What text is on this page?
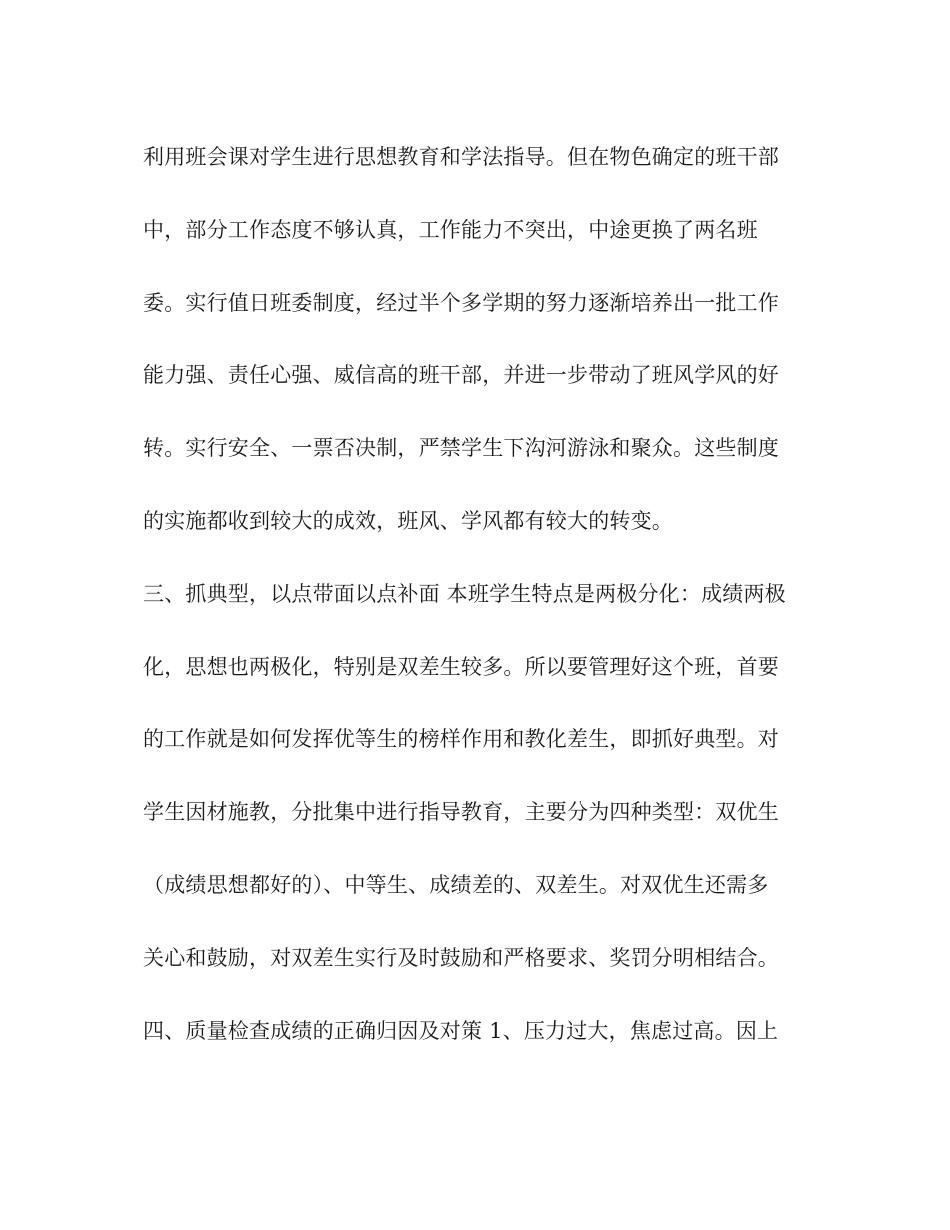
利用班会课对学生进行思想教育和学法指导。但在物色确定的班干部
中，部分工作态度不够认真，工作能力不突出，中途更换了两名班
委。实行值日班委制度，经过半个多学期的努力逐渐培养出一批工作
能力强、责任心强、威信高的班干部，并进一步带动了班风学风的好
转。实行安全、一票否决制，严禁学生下沟河游泳和聚众。这些制度
的实施都收到较大的成效，班风、学风都有较大的转变。
三、抓典型，以点带面以点补面 本班学生特点是两极分化：成绩两极
化，思想也两极化，特别是双差生较多。所以要管理好这个班，首要
的工作就是如何发挥优等生的榜样作用和教化差生，即抓好典型。对
学生因材施教，分批集中进行指导教育，主要分为四种类型：双优生
（成绩思想都好的）、中等生、成绩差的、双差生。对双优生还需多
关心和鼓励，对双差生实行及时鼓励和严格要求、奖罚分明相结合。
四、质量检查成绩的正确归因及对策 1、压力过大，焦虑过高。因上
